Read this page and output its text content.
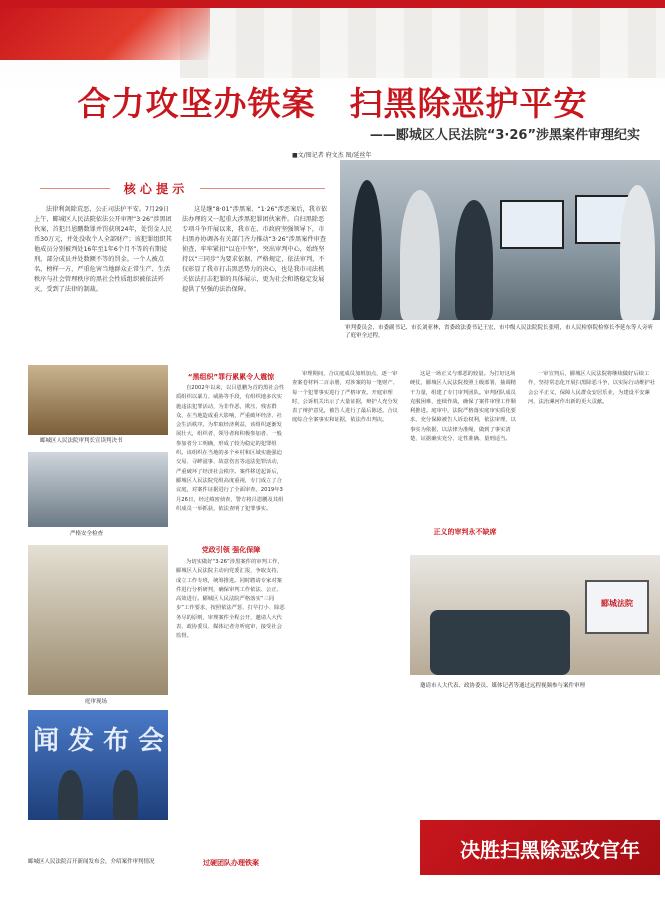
合力攻坚办铁案　扫黑除恶护平安
——郾城区人民法院“3·26”涉黑案件审理纪实
■文/图记者 府文杰 图/延丝年
核 心 提 示
法律利剑除荒恶，公正司法护平安。7月29日上午，郾城区人民法院依法公开审理“3·26”涉黑团伙案，首犯吕恩鹏数罪并罚获刑24年，处罚金人民币30万元，并处没收个人全部财产；该犯罪组织其他成员分别被判处16年至1年6个月不等的有期徒刑，部分成员并处数额不等的罚金。一个人被点名，榜样一方，严重危害当地群众正常生产、生活秩序与社会管理秩序的黑社会性质组织被依法歼灭，受到了法律的制裁。
这是继“8·01”涉黑案、“1·26”涉恶案后，我市依法办理的又一起重大涉黑犯罪团伙案件。自扫黑除恶专项斗争开展以来，我市在、市政府坚强领导下，市扫黑办协调各有关部门齐力推动“3·26”涉黑案件审查侦查，牢牢紧扣“以在中坚”，突出审判中心，始终坚持以“三同步”为要求依据，严格规定，依法审判，不仅彰显了我市打击黑恶势力的决心，也是我市司法机关依法打击犯罪的具体展示，更为社会和谐稳定发展提供了坚强的法治保障。
审判委员会，市委副书记、市长刘亚林，省委政法委书记王宏，市中级人民法院院长张明，市人民检察院检察长李延东等人旁听了庭审全过程。
郾城区人民法院审判长宣读判决书
严格安全检查
庭审现场
闻 发 布 会
郾城区人民法院召开新闻发布会，介绍案件审判情况
“黑组织”罪行累累令人震惊
自2002年以来，以吕恩鹏为首的黑社会性质组织以暴力、威胁等手段，有组织地多次实施违法犯罪活动，为非作恶，欺压、残害群众，在当地造成重大影响，严重破坏经济、社会生活秩序。为牟取经济利益，该组织逐渐发展壮大，组织者、领导者和积极参加者、一般参加者分工明确，形成了较为稳定的犯罪组织。该组织在当地的多个乡村和区域实施强迫交易、寻衅滋事、故意伤害等违法犯罪活动，严重破坏了经济社会秩序。案件移送起诉后，郾城区人民法院党组高度重视，专门成立了合议庭，对案件证据进行了全面审查。2019年3月26日，经过缜密侦查，警方将吕恩鹏及其组织成员一举抓获，依法查明了犯罪事实。
党政引领 强化保障
为切实做好“3·26”涉黑案件的审判工作，郾城区人民法院主动向党委汇报，争取支持，成立工作专班，统筹推进。同时聘请专家对案件进行分析研判，确保审判工作依法、公正、高效进行。郾城区人民法院严格落实“三同步”工作要求，按照依法严惩、打早打小、除恶务尽的原则，审理案件全程公开，邀请人大代表、政协委员、媒体记者旁听庭审，接受社会监督。
过硬团队办理铁案
审理期间，合议庭成员加班加点，逐一审查案卷材料二百余册，对涉案的每一笔财产、每一个犯罪事实进行了严格审查。开庭审理时，公诉机关出示了大量证据，辩护人充分发表了辩护意见，被告人进行了最后陈述。合议庭综合全案事实和证据，依法作出判决。
正义的审判永不缺席
这是一场正义与邪恶的较量。为打好这场硬仗，郾城区人民法院按照上级部署，抽调精干力量，组建了专门审判团队。审判团队成员克服困难，连续作战，确保了案件审理工作顺利推进。庭审中，法院严格落实庭审实质化要求，充分保障被告人诉讼权利，依法审理，以事实为依据，以法律为准绳，做到了事实清楚、证据确实充分、定性准确、量刑适当。
一审宣判后，郾城区人民法院将继续做好后续工作，坚持常态化开展扫黑除恶斗争，以实际行动维护社会公平正义，保障人民群众安居乐业，为建设平安漯河、法治漯河作出新的更大贡献。
郾城法院
邀请市人大代表、政协委员、媒体记者等通过远程视频参与案件审理
决胜扫黑除恶攻官年
